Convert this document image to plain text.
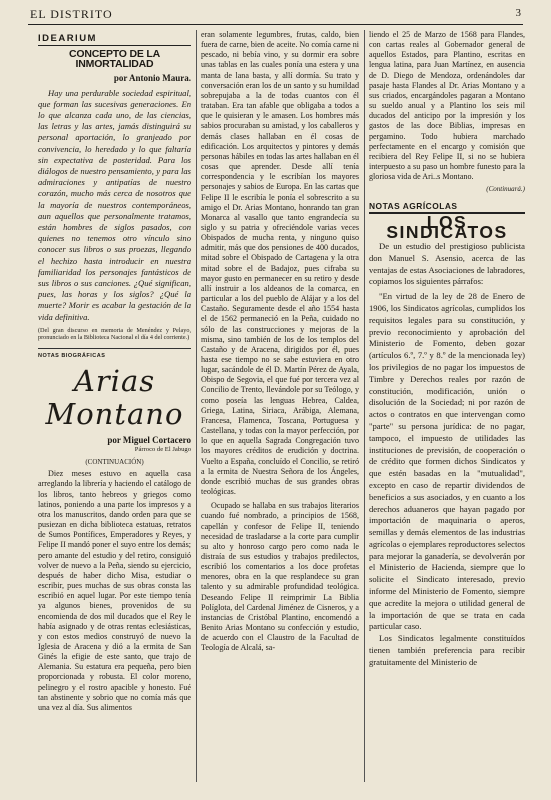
EL DISTRITO	3
IDEARIUM
CONCEPTO DE LA INMORTALIDAD
por Antonio Maura.

Hay una perdurable sociedad espiritual, que forman las sucesivas generaciones. En lo que alcanza cada uno, de las ciencias, las letras y las artes, jamás distinguirá su personal aportación, lo granjeado por convivencia, lo heredado y lo que faltaría sin expectativa de posteridad. Para los diálogos de nuestro pensamiento, y para las admiraciones y antipatías de nuestro corazón, mucho más cerca de nosotros que la mayoría de nuestros contemporáneos, aun aquellos que personalmente tratamos, están hombres de siglos pasados, con quienes no tenemos otro vínculo sino conocer sus libros o sus proezas, llegando el hechizo hasta introducir en nuestra familiaridad los personajes fantásticos de sus libros o sus canciones. ¿Qué significan, pues, las horas y los siglos? ¿Qué la muerte? Morir es acabar la gestación de la vida definitiva.

(Del gran discurso en memoria de Menéndez y Pelayo, pronunciado en la Biblioteca Nacional el día 4 del corriente.)
NOTAS BIOGRÁFICAS
Arias Montano
por Miguel Cortacero
Párroco de El Jabugo
(CONTINUACIÓN)

Diez meses estuvo en aquella casa arreglando la librería y haciendo el catálogo de los libros, tanto hebreos y griegos como latinos, poniendo a una parte los impresos y a otra los manuscritos, dando orden para que se pusiezan en dicha biblioteca estatuas, retratos de Sumos Pontífices, Emperadores y Reyes, y Felipe II mandó poner el suyo entre los demás; pero amante del estudio y del retiro, consiguió volver de nuevo a la Peña, siendo su ejercicio, después de haber dicho Misa, estudiar o escribir, pues muchas de sus obras consta las escribió en aquel lugar. Por este tiempo tenía ya algunos bienes, provenidos de su encomienda de dos mil ducados que el Rey le había asignado y de otras rentas eclesiásticas, y con estos medios construyó de nuevo la Iglesia de Aracena y dió a la ermita de San Ginés la efigie de este santo, que trajo de Alemania. Su estatura era pequeña, pero bien proporcionada y robusta. El color moreno, pelinegro y el rostro apacible y honesto. Fué tan abstinente y sobrio que no comía más que una vez al día. Sus alimentos

eran solamente legumbres, frutas, caldo, bien fuera de carne, bien de aceite. No comía carne ni pescado, ni bebía vino, y su dormir era sobre unas tablas en las cuales ponía una estera y una manta de lana basta, y allí dormía. Su trato y conversación eran los de un santo y su humildad sobrepujaba a la de todas cuantos con él trataban. Era tan afable que obligaba a todos a que le quisieran y le amasen. Los hombres más sabios procuraban su amistad, y los caballeros y demás clases hallaban en él cosas de edificación. Los arquitectos y pintores y demás personas hábiles en todas las artes hallaban en él cosas que aprender. Desde allí tenía correspondencia y le escribían los mayores personajes y sabios de Europa. En las cartas que Felipe II le escribía le ponía el sobrescrito a su amigo el Dr. Arias Montano, honrando tan gran Monarca al vasallo que tanto engrandecía su siglo y su patria y ofreciéndole varias veces Obispados de mucha renta, y ninguno quiso admitir, más que dos pensiones de 400 ducados, mitad sobre el Obispado de Cartagena y la otra mitad sobre el de Badajoz, pues cifraba su mayor gusto en permanecer en su retiro y desde allí instruir a los aldeanos de la comarca, en particular a los del pueblo de Alájar y a los del Castaño. Seguramente desde el año 1554 hasta el de 1562 permaneció en la Peña, cuidado no sólo de las construcciones y mejoras de la misma, sino también de los de los templos del Castaño y de Aracena, dirigidos por él, pues hasta ese tiempo no se sabe estuviera en otro lugar, sacándole de él D. Martín Pérez de Ayala, Obispo de Segovia, el que fué por tercera vez al Concilio de Trento, llevándole por su Teólogo, y como poseía las lenguas Hebrea, Caldea, Griega, Latina, Siriaca, Arábiga, Alemana, Francesa, Flamenca, Toscana, Portuguesa y Castellana, y todas con la mayor perfección, por lo que en aquella Sagrada Congregación tuvo los mayores créditos de erudición y doctrina. Vuelto a España, concluído el Concilio, se retiró a la ermita de Nuestra Señora de los Ángeles, donde escribió muchas de sus grandes obras teológicas.

Ocupado se hallaba en sus trabajos literarios cuando fué nombrado, a principios de 1568, capellán y confesor de Felipe II, teniendo necesidad de trasladarse a la corte para cumplir su alto y honroso cargo pero como nada le distraía de sus estudios y trabajos predilectos, escribió los comentarios a los doce profetas menores, obra en la que resplandece su gran talento y su admirable profundidad teológica. Deseando Felipe II reimprimir La Biblia Políglota, del Cardenal Jiménez de Cisneros, y a instancias de Cristóbal Plantino, encomendó a Benito Arias Montano su confección y estudio, de acuerdo con el Claustro de la Facultad de Teología de Alcalá, sa-

liendo el 25 de Marzo de 1568 para Flandes, con cartas reales al Gobernador general de aquellos Estados, para Plantino, escritas en lengua latina, para Juan Martínez, en ausencia de D. Diego de Mendoza, ordenándoles dar pasaje hasta Flandes al Dr. Arias Montano y a sus criados, encargándoles pagaran a Montano su sueldo anual y a Plantino los seis mil ducados del anticipo por la impresión y los gastos de las doce Biblias, impresas en pergamino. Todo hubiera marchado perfectamente en el encargo y comisión que recibiera del Rey Felipe II, si no se hubiera interpuesto a su paso un hombre funesto para la gloriosa vida de Ari..s Montano.

(Continuará.)
NOTAS AGRÍCOLAS
LOS SINDICATOS

De un estudio del prestigioso publicista don Manuel S. Asensio, acerca de las ventajas de estas Asociaciones de labradores, copiamos los siguientes párrafos:

"En virtud de la ley de 28 de Enero de 1906, los Sindicatos agrícolas, cumplidos los requisitos legales para su constitución, y previo reconocimiento y aprobación del Ministerio de Fomento, deben gozar (artículos 6.º, 7.º y 8.º de la mencionada ley) los privilegios de no pagar los impuestos de Timbre y Derechos reales por razón de constitución, modificación, unión o disolución de la Sociedad; ni por razón de actos o contratos en que intervengan como "parte" su persona jurídica: de no pagar, tampoco, el impuesto de utilidades las instituciones de previsión, de cooperación o de crédito que formen dichos Sindicatos y que estén basadas en la "mutualidad", excepto en caso de repartir dividendos de beneficios a sus asociados, y en cuanto a los derechos aduaneros que hayan pagado por importación de maquinaria o aperos, semillas y demás elementos de las industrias agrícolas o ejemplares reproductores selectos para mejorar la ganadería, se devolverán por el Ministerio de Hacienda, siempre que lo solicite el Sindicato interesado, previo informe del Ministerio de Fomento, siempre que acredite la mejora o utilidad general de la importación de que se trata en cada particular caso.

Los Sindicatos legalmente constituídos tienen también preferencia para recibir gratuitamente del Ministerio de
